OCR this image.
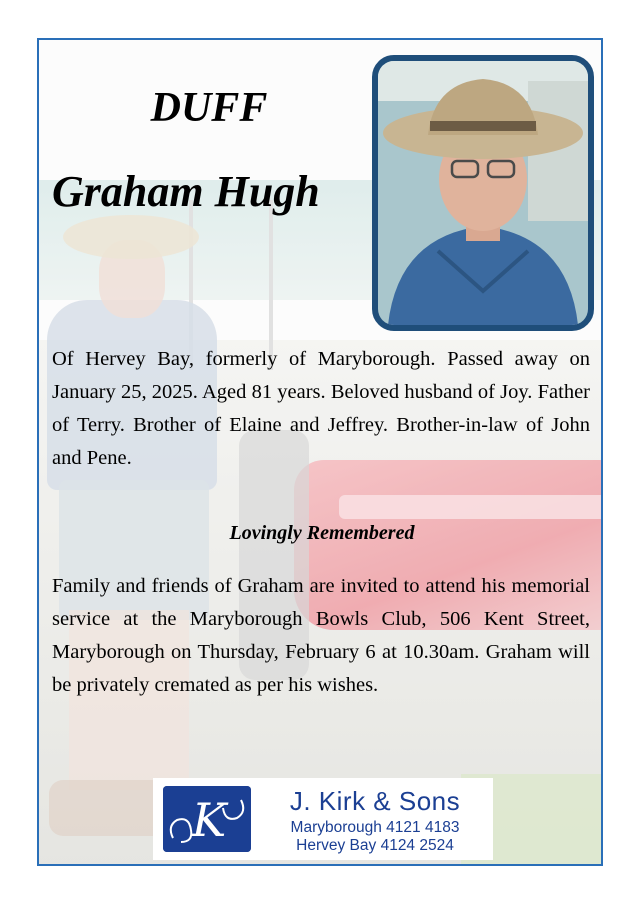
DUFF
Graham Hugh

Of Hervey Bay, formerly of Maryborough. Passed away on January 25, 2025. Aged 81 years. Beloved husband of Joy. Father of Terry. Brother of Elaine and Jeffrey. Brother-in-law of John and Pene.

Lovingly Remembered

Family and friends of Graham are invited to attend his memorial service at the Maryborough Bowls Club, 506 Kent Street, Maryborough on Thursday, February 6 at 10.30am. Graham will be privately cremated as per his wishes.

K	J. Kirk & Sons
Maryborough 4121 4183
Hervey Bay 4124 2524
